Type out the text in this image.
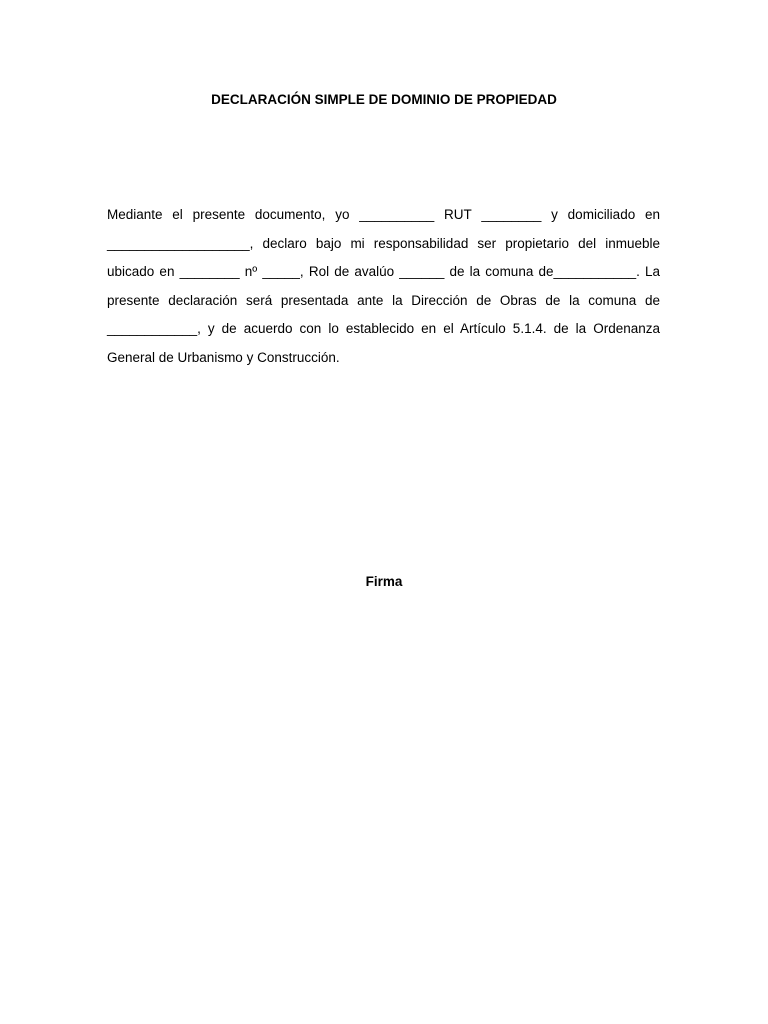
DECLARACIÓN SIMPLE DE DOMINIO DE PROPIEDAD

Mediante el presente documento, yo __________ RUT ________ y domiciliado en ___________________, declaro bajo mi responsabilidad ser propietario del inmueble ubicado en ________ nº _____, Rol de avalúo ______ de la comuna de___________. La presente declaración será presentada ante la Dirección de Obras de la comuna de ____________, y de acuerdo con lo establecido en el Artículo 5.1.4. de la Ordenanza General de Urbanismo y Construcción.

Firma
